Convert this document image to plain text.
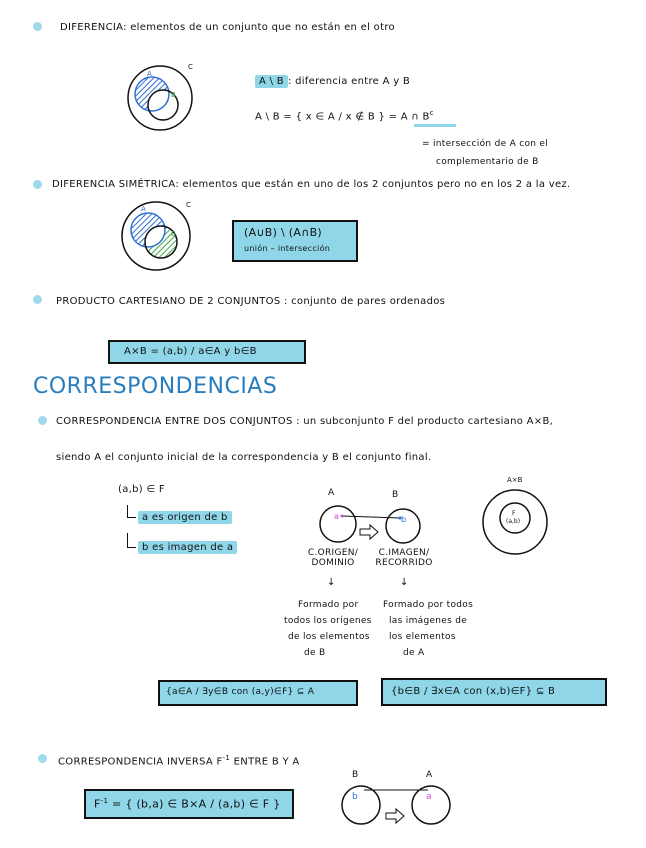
DIFERENCIA: elementos de un conjunto que no están en el otro
A
B
C
A \ B : diferencia entre A y B
A \ B = { x ∈ A / x ∉ B } = A ∩ $B^c$
= intersección de A con el
complementario de B
DIFERENCIA SIMÉTRICA: elementos que están en uno de los 2 conjuntos pero no en los 2 a la vez.
A
B
C
(A∪B) \ (A∩B)
unión – intersección
PRODUCTO CARTESIANO DE 2 CONJUNTOS : conjunto de pares ordenados
A×B = (a,b) / a∈A y b∈B
CORRESPONDENCIAS
CORRESPONDENCIA ENTRE DOS CONJUNTOS : un subconjunto F del producto cartesiano A×B,
siendo A el conjunto inicial de la correspondencia y B el conjunto final.
(a,b) ∈ F
a es origen de b
b es imagen de a
A	B
a	b
A×B
F
(a,b)
C.ORIGEN/
DOMINIO
C.IMAGEN/
RECORRIDO
↓	↓
Formado por
todos los orígenes
de los elementos
de B
Formado por todos
las imágenes de
los elementos
de A
{a∈A / ∃y∈B con (a,y)∈F} ⊆ A	{b∈B / ∃x∈A con (x,b)∈F} ⊆ B
CORRESPONDENCIA INVERSA $F^{-1}$ ENTRE B Y A
$F^{-1}$ = { (b,a) ∈ B×A / (a,b) ∈ F }
B	A
b	a
